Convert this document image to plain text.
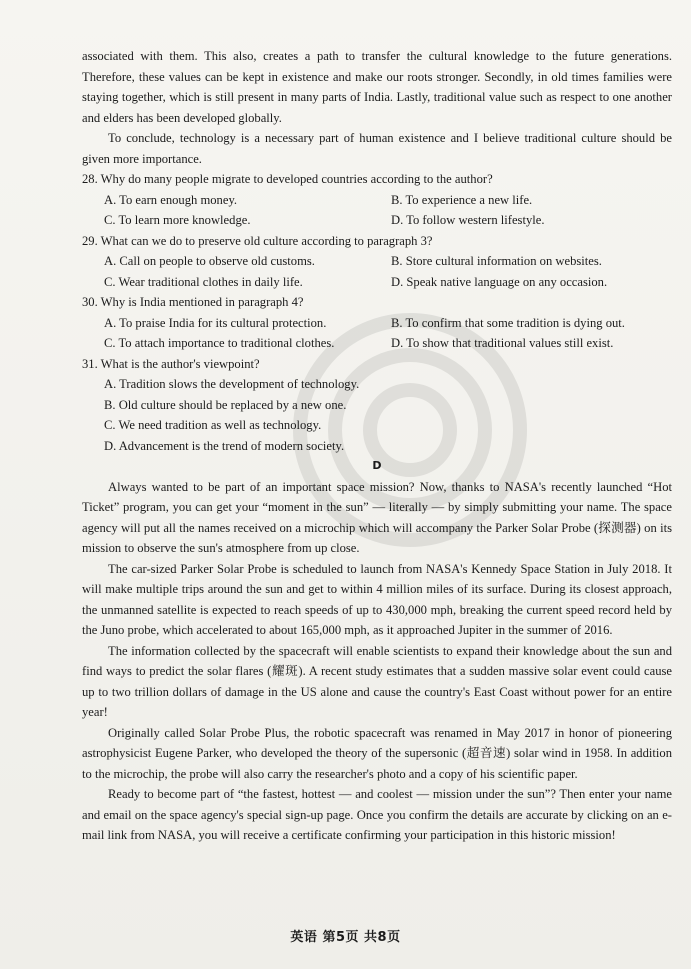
associated with them. This also, creates a path to transfer the cultural knowledge to the future generations. Therefore, these values can be kept in existence and make our roots stronger. Secondly, in old times families were staying together, which is still present in many parts of India. Lastly, traditional value such as respect to one another and elders has been developed globally.

To conclude, technology is a necessary part of human existence and I believe traditional culture should be given more importance.

28. Why do many people migrate to developed countries according to the author?

A. To earn enough money.	B. To experience a new life.
C. To learn more knowledge.	D. To follow western lifestyle.

29. What can we do to preserve old culture according to paragraph 3?

A. Call on people to observe old customs.	B. Store cultural information on websites.
C. Wear traditional clothes in daily life.	D. Speak native language on any occasion.

30. Why is India mentioned in paragraph 4?

A. To praise India for its cultural protection.	B. To confirm that some tradition is dying out.
C. To attach importance to traditional clothes.	D. To show that traditional values still exist.

31. What is the author's viewpoint?

A. Tradition slows the development of technology.
B. Old culture should be replaced by a new one.
C. We need tradition as well as technology.
D. Advancement is the trend of modern society.

D

Always wanted to be part of an important space mission? Now, thanks to NASA's recently launched “Hot Ticket” program, you can get your “moment in the sun” — literally — by simply submitting your name. The space agency will put all the names received on a microchip which will accompany the Parker Solar Probe (探测器) on its mission to observe the sun's atmosphere from up close.

The car-sized Parker Solar Probe is scheduled to launch from NASA's Kennedy Space Station in July 2018. It will make multiple trips around the sun and get to within 4 million miles of its surface. During its closest approach, the unmanned satellite is expected to reach speeds of up to 430,000 mph, breaking the current speed record held by the Juno probe, which accelerated to about 165,000 mph, as it approached Jupiter in the summer of 2016.

The information collected by the spacecraft will enable scientists to expand their knowledge about the sun and find ways to predict the solar flares (耀斑). A recent study estimates that a sudden massive solar event could cause up to two trillion dollars of damage in the US alone and cause the country's East Coast without power for an entire year!

Originally called Solar Probe Plus, the robotic spacecraft was renamed in May 2017 in honor of pioneering astrophysicist Eugene Parker, who developed the theory of the supersonic (超音速) solar wind in 1958. In addition to the microchip, the probe will also carry the researcher's photo and a copy of his scientific paper.

Ready to become part of “the fastest, hottest — and coolest — mission under the sun”? Then enter your name and email on the space agency's special sign-up page. Once you confirm the details are accurate by clicking on an e-mail link from NASA, you will receive a certificate confirming your participation in this historic mission!

英语 第5页 共8页
